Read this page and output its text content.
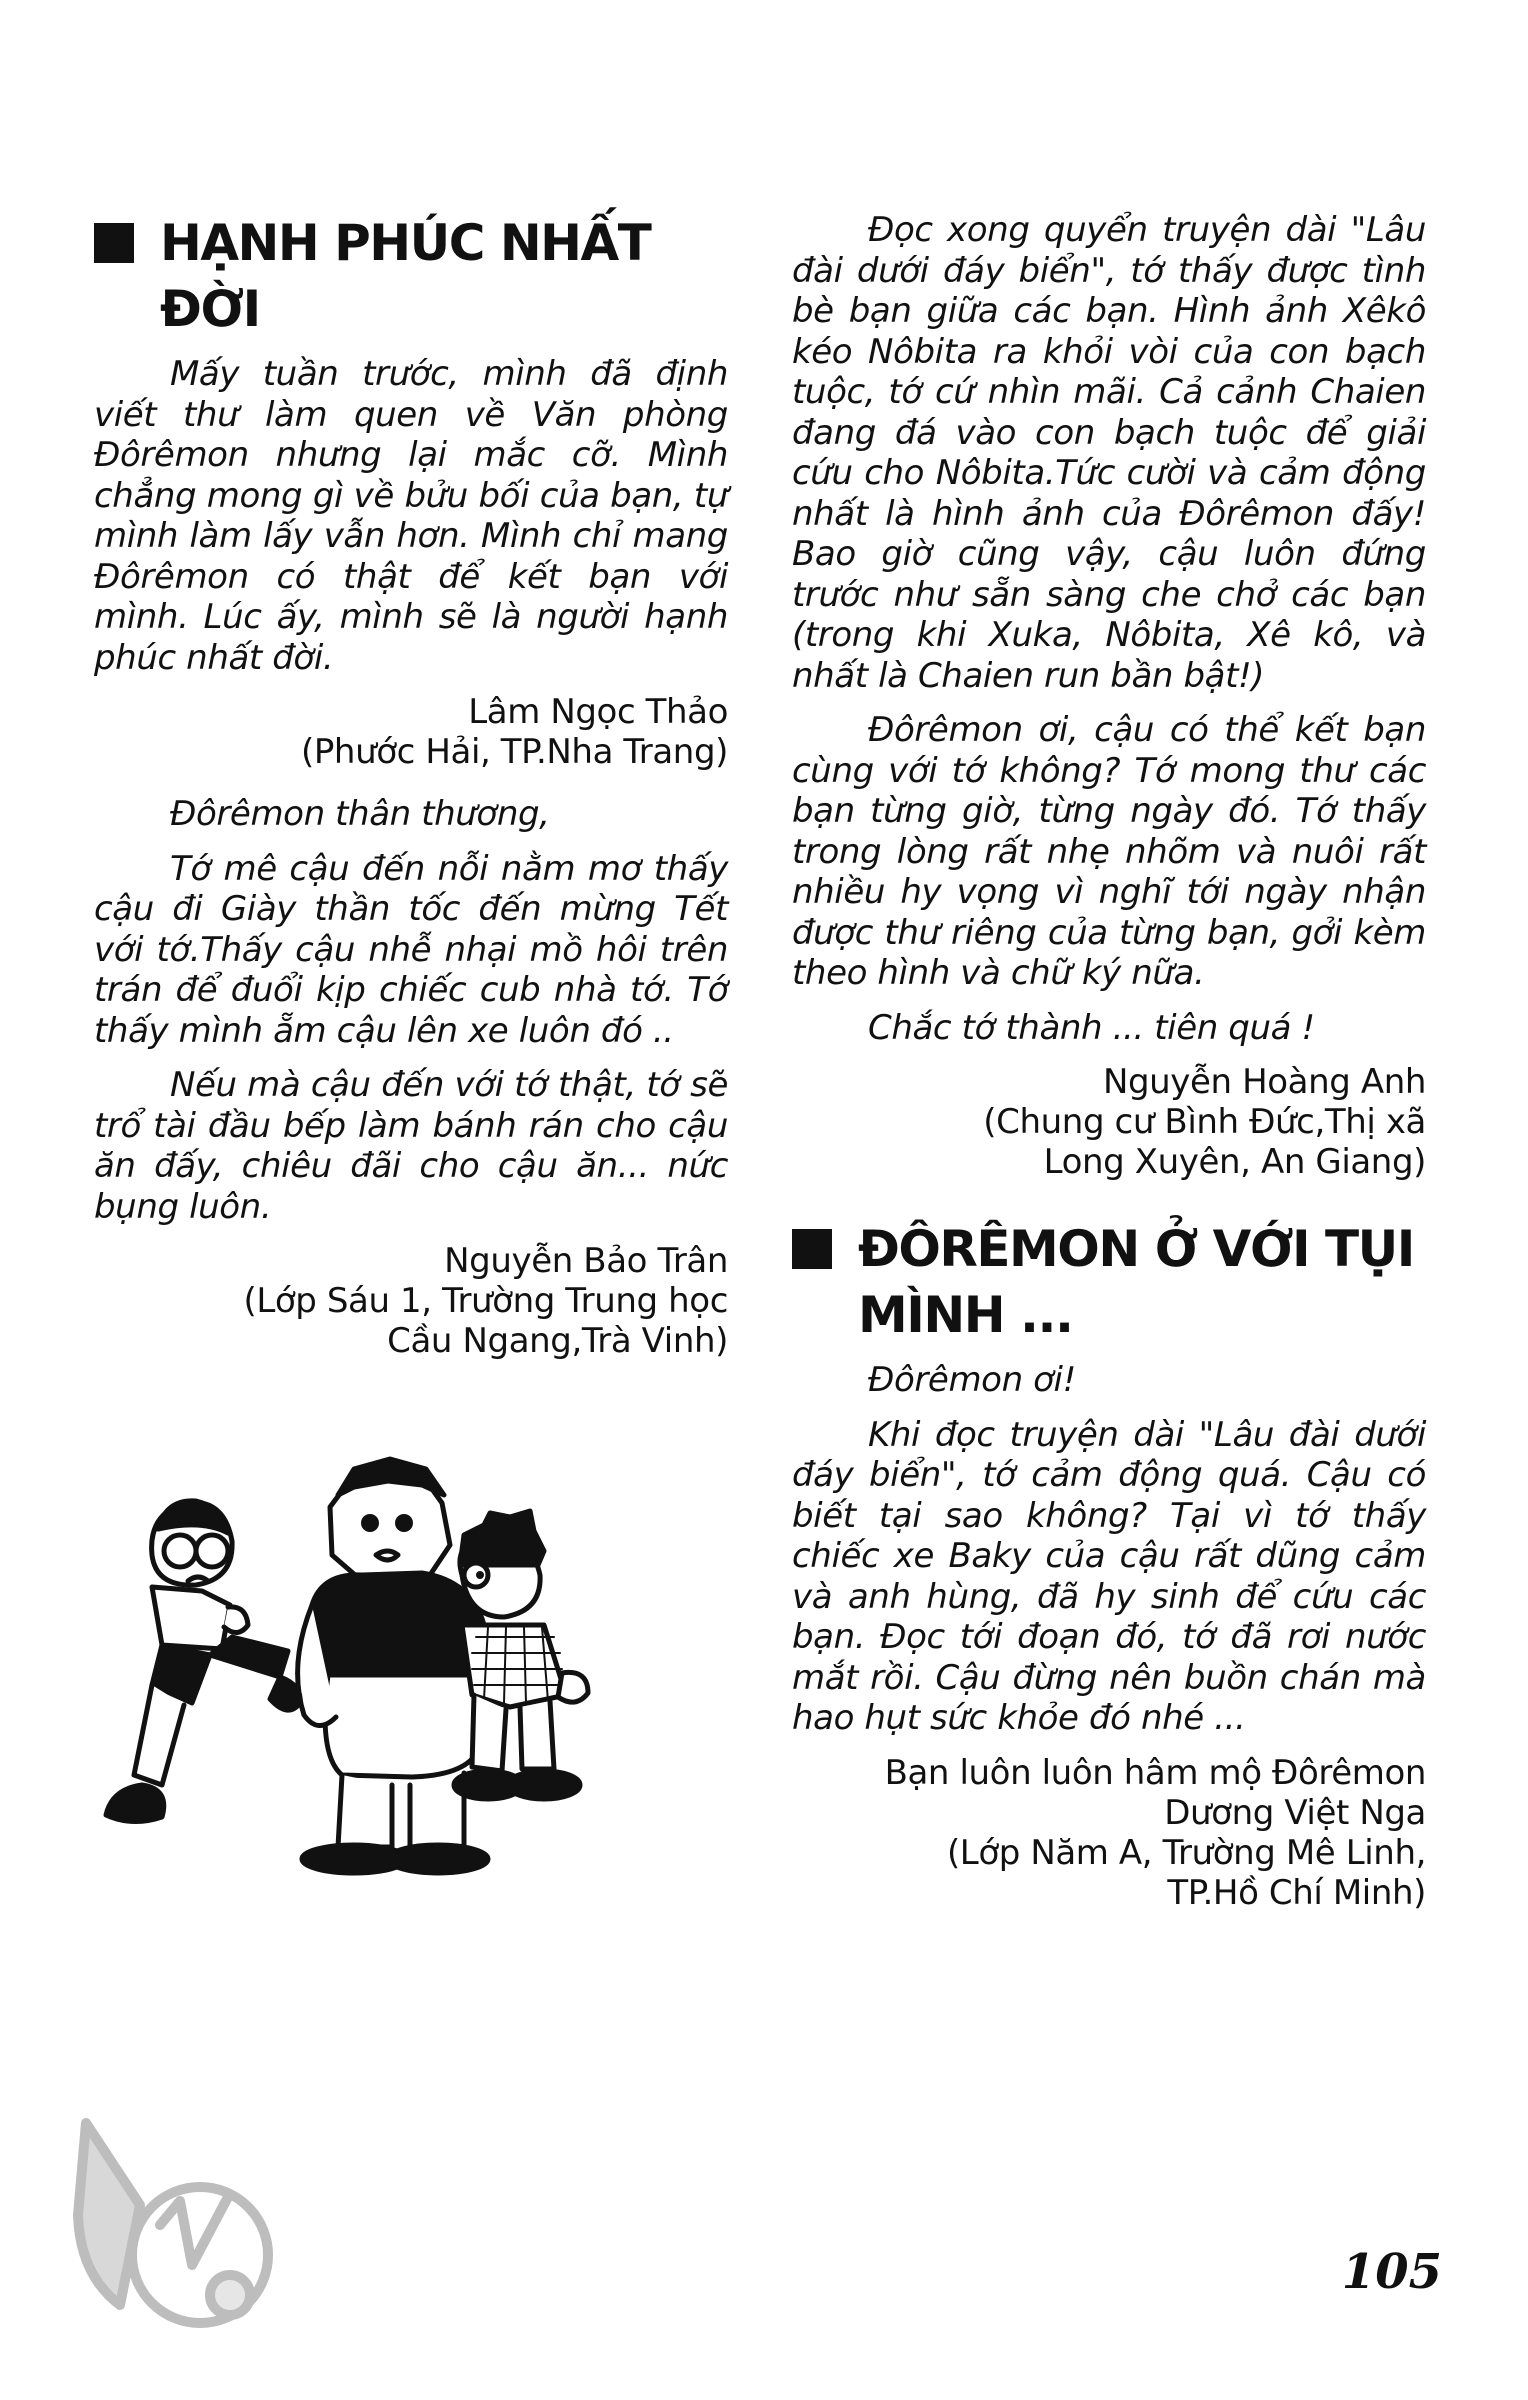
HẠNH PHÚC NHẤT ĐỜI

Mấy tuần trước, mình đã định viết thư làm quen về Văn phòng Đôrêmon nhưng lại mắc cỡ. Mình chẳng mong gì về bửu bối của bạn, tự mình làm lấy vẫn hơn. Mình chỉ mang Đôrêmon có thật để kết bạn với mình. Lúc ấy, mình sẽ là người hạnh phúc nhất đời.

Lâm Ngọc Thảo
(Phước Hải, TP.Nha Trang)

Đôrêmon thân thương,

Tớ mê cậu đến nỗi nằm mơ thấy cậu đi Giày thần tốc đến mừng Tết với tớ.Thấy cậu nhễ nhại mồ hôi trên trán để đuổi kịp chiếc cub nhà tớ. Tớ thấy mình ẵm cậu lên xe luôn đó ..

Nếu mà cậu đến với tớ thật, tớ sẽ trổ tài đầu bếp làm bánh rán cho cậu ăn đấy, chiêu đãi cho cậu ăn... nức bụng luôn.

Nguyễn Bảo Trân
(Lớp Sáu 1, Trường Trung học
Cầu Ngang,Trà Vinh)

Đọc xong quyển truyện dài "Lâu đài dưới đáy biển", tớ thấy được tình bè bạn giữa các bạn. Hình ảnh Xêkô kéo Nôbita ra khỏi vòi của con bạch tuộc, tớ cứ nhìn mãi. Cả cảnh Chaien đang đá vào con bạch tuộc để giải cứu cho Nôbita.Tức cười và cảm động nhất là hình ảnh của Đôrêmon đấy! Bao giờ cũng vậy, cậu luôn đứng trước như sẵn sàng che chở các bạn (trong khi Xuka, Nôbita, Xê kô, và nhất là Chaien run bần bật!)

Đôrêmon ơi, cậu có thể kết bạn cùng với tớ không? Tớ mong thư các bạn từng giờ, từng ngày đó. Tớ thấy trong lòng rất nhẹ nhõm và nuôi rất nhiều hy vọng vì nghĩ tới ngày nhận được thư riêng của từng bạn, gởi kèm theo hình và chữ ký nữa.

Chắc tớ thành ... tiên quá !

Nguyễn Hoàng Anh
(Chung cư Bình Đức,Thị xã
Long Xuyên, An Giang)
ĐÔRÊMON Ở VỚI TỤI MÌNH ...

Đôrêmon ơi!

Khi đọc truyện dài "Lâu đài dưới đáy biển", tớ cảm động quá. Cậu có biết tại sao không? Tại vì tớ thấy chiếc xe Baky của cậu rất dũng cảm và anh hùng, đã hy sinh để cứu các bạn. Đọc tới đoạn đó, tớ đã rơi nước mắt rồi. Cậu đừng nên buồn chán mà hao hụt sức khỏe đó nhé ...

Bạn luôn luôn hâm mộ Đôrêmon
Dương Việt Nga
(Lớp Năm A, Trường Mê Linh,
TP.Hồ Chí Minh)
105
